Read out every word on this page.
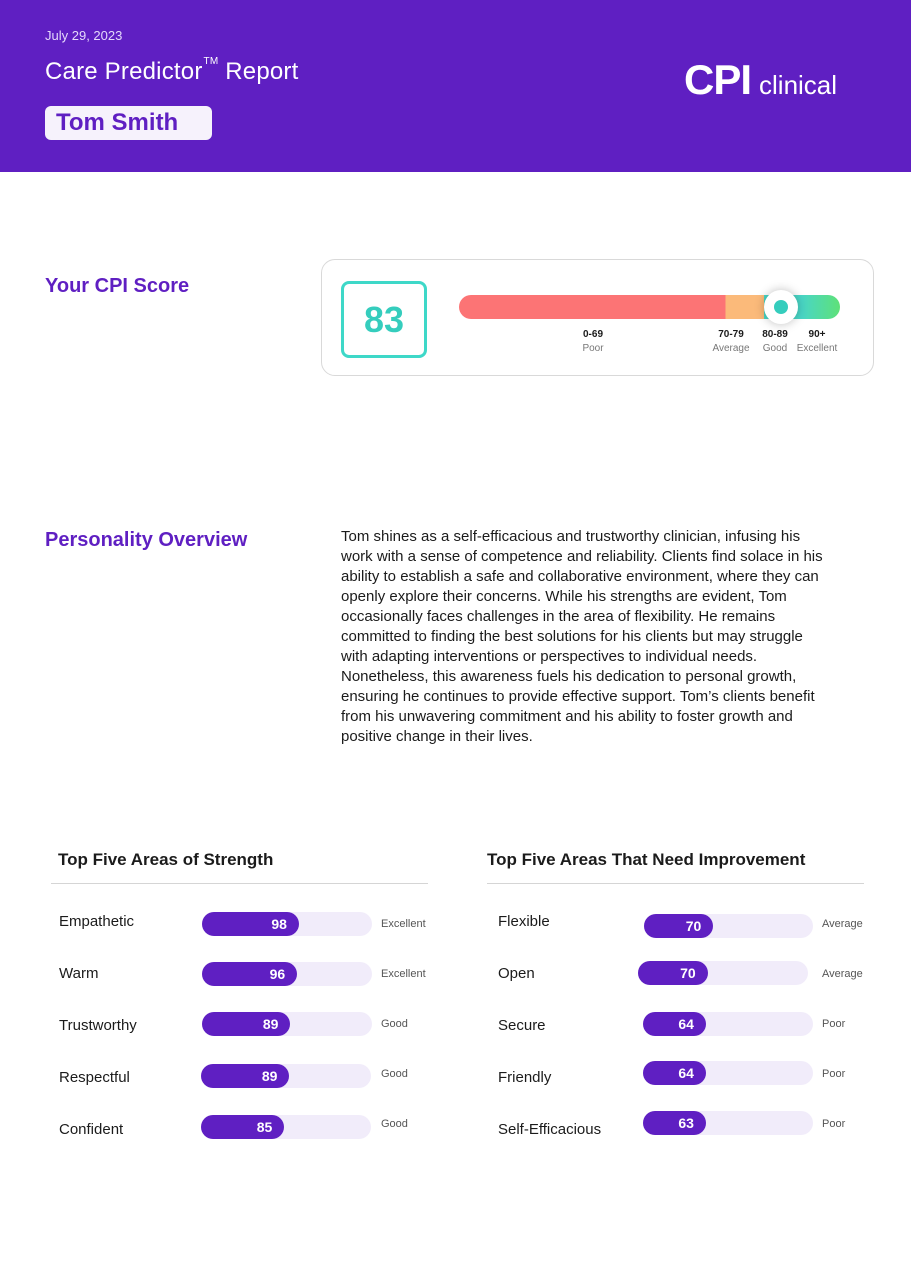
July 29, 2023
Care Predictor™ Report
Tom Smith
CPI clinical
Your CPI Score
83	0-69
Poor
70-79
Average
80-89
Good
90+
Excellent
Personality Overview	Tom shines as a self-efficacious and trustworthy clinician, infusing his work with a sense of competence and reliability. Clients find solace in his ability to establish a safe and collaborative environment, where they can openly explore their concerns. While his strengths are evident, Tom occasionally faces challenges in the area of flexibility. He remains committed to finding the best solutions for his clients but may struggle with adapting interventions or perspectives to individual needs. Nonetheless, this awareness fuels his dedication to personal growth, ensuring he continues to provide effective support. Tom’s clients benefit from his unwavering commitment and his ability to foster growth and positive change in their lives.
Top Five Areas of Strength
Empathetic	98	Excellent
Warm	96	Excellent
Trustworthy	89	Good
Respectful	89	Good
Confident	85	Good
Top Five Areas That Need Improvement
Flexible	70	Average
Open	70	Average
Secure	64	Poor
Friendly	64	Poor
Self-Efficacious	63	Poor
